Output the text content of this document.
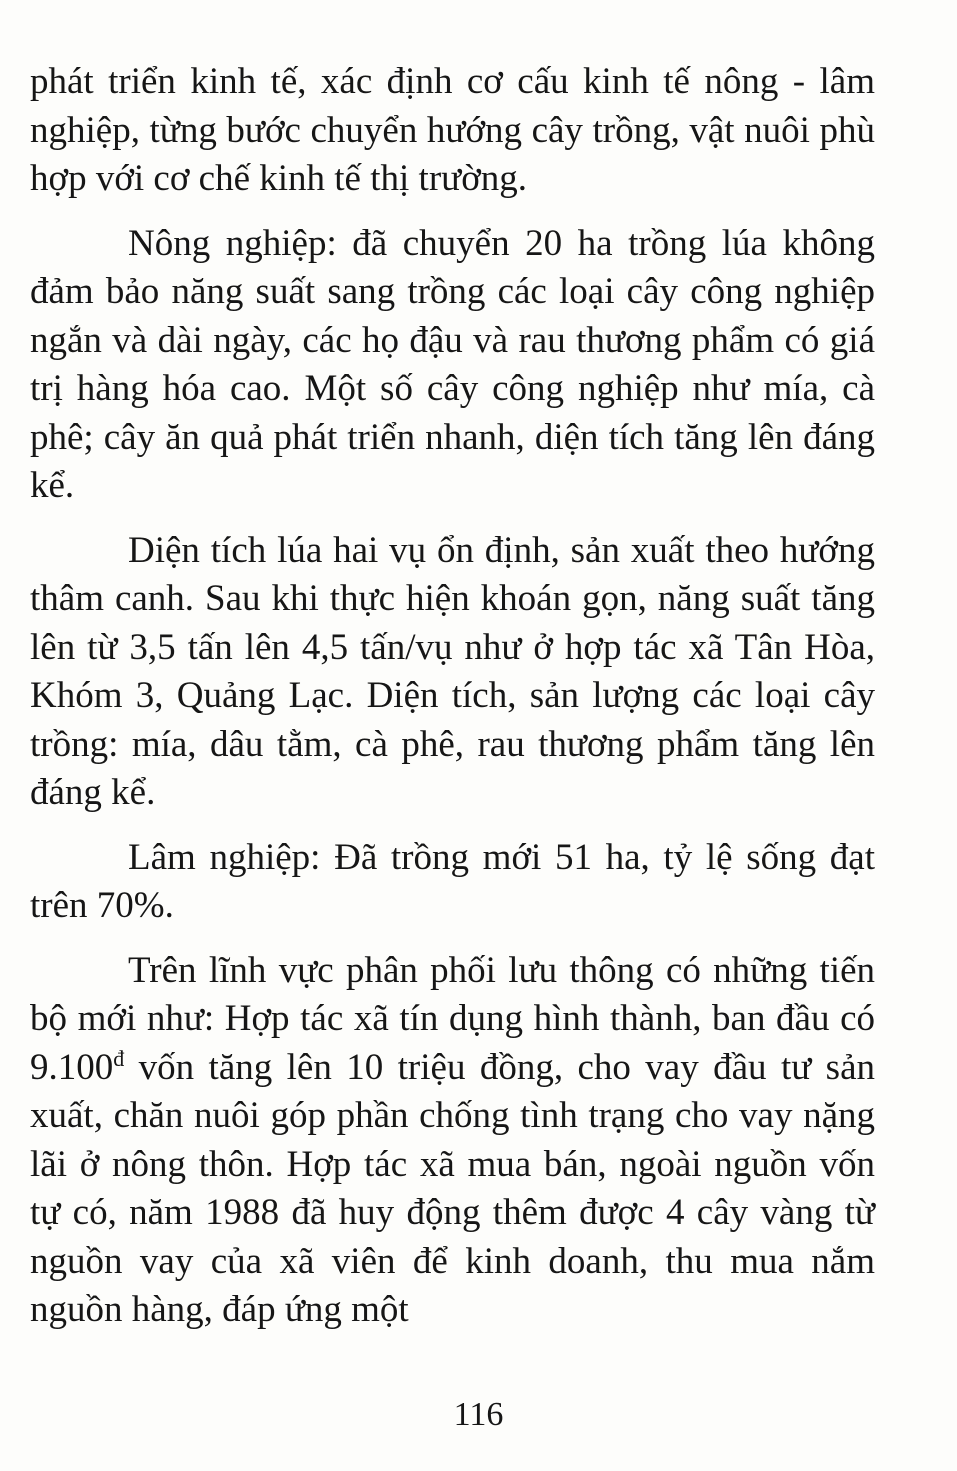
phát triển kinh tế, xác định cơ cấu kinh tế nông - lâm nghiệp, từng bước chuyển hướng cây trồng, vật nuôi phù hợp với cơ chế kinh tế thị trường.

Nông nghiệp: đã chuyển 20 ha trồng lúa không đảm bảo năng suất sang trồng các loại cây công nghiệp ngắn và dài ngày, các họ đậu và rau thương phẩm có giá trị hàng hóa cao. Một số cây công nghiệp như mía, cà phê; cây ăn quả phát triển nhanh, diện tích tăng lên đáng kể.

Diện tích lúa hai vụ ổn định, sản xuất theo hướng thâm canh. Sau khi thực hiện khoán gọn, năng suất tăng lên từ 3,5 tấn lên 4,5 tấn/vụ như ở hợp tác xã Tân Hòa, Khóm 3, Quảng Lạc. Diện tích, sản lượng các loại cây trồng: mía, dâu tằm, cà phê, rau thương phẩm tăng lên đáng kể.

Lâm nghiệp: Đã trồng mới 51 ha, tỷ lệ sống đạt trên 70%.

Trên lĩnh vực phân phối lưu thông có những tiến bộ mới như: Hợp tác xã tín dụng hình thành, ban đầu có $9.100^đ$ vốn tăng lên 10 triệu đồng, cho vay đầu tư sản xuất, chăn nuôi góp phần chống tình trạng cho vay nặng lãi ở nông thôn. Hợp tác xã mua bán, ngoài nguồn vốn tự có, năm 1988 đã huy động thêm được 4 cây vàng từ nguồn vay của xã viên để kinh doanh, thu mua nắm nguồn hàng, đáp ứng một

116
